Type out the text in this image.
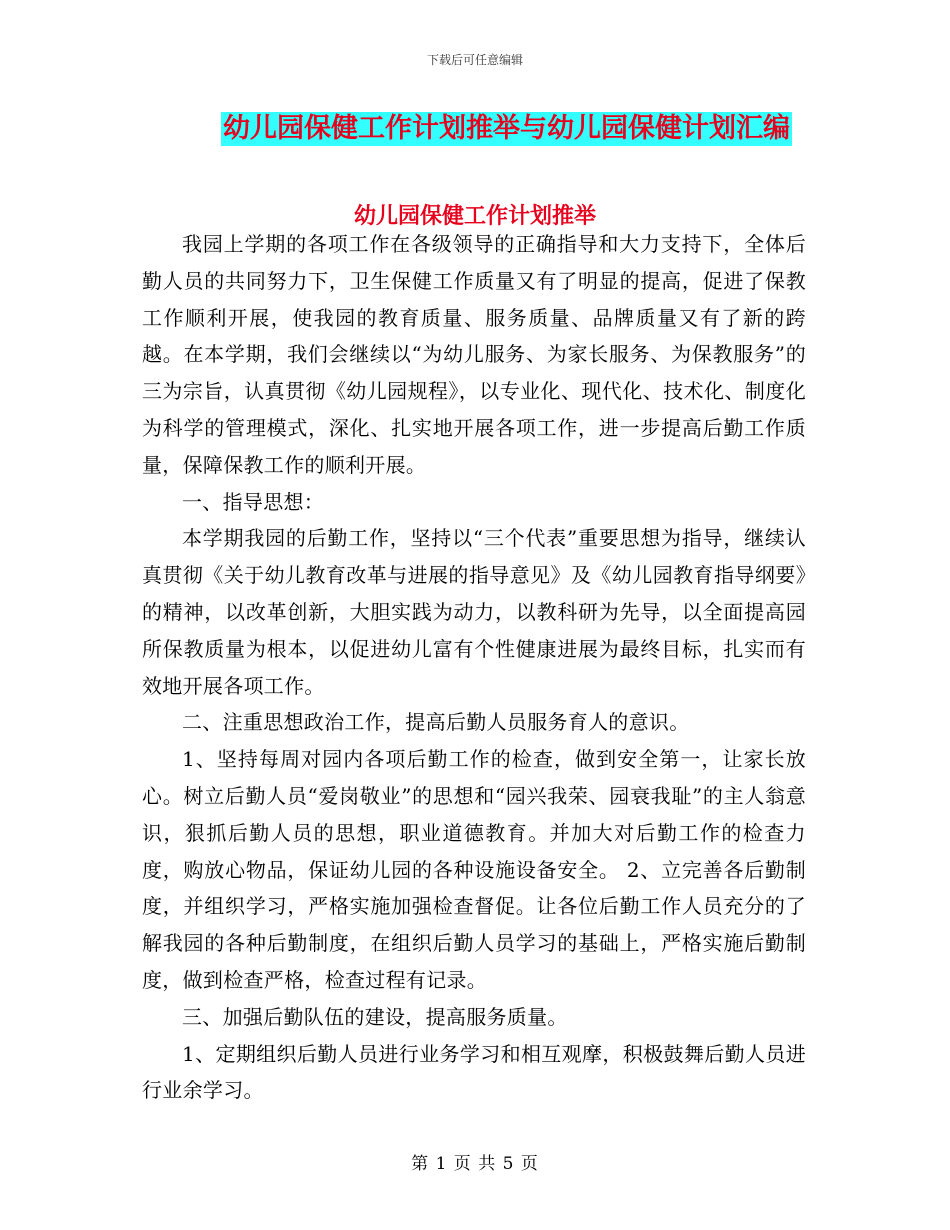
下载后可任意编辑
幼儿园保健工作计划推举与幼儿园保健计划汇编
幼儿园保健工作计划推举

我园上学期的各项工作在各级领导的正确指导和大力支持下，全体后勤人员的共同努力下，卫生保健工作质量又有了明显的提高，促进了保教工作顺利开展，使我园的教育质量、服务质量、品牌质量又有了新的跨越。在本学期，我们会继续以“为幼儿服务、为家长服务、为保教服务”的三为宗旨，认真贯彻《幼儿园规程》，以专业化、现代化、技术化、制度化为科学的管理模式，深化、扎实地开展各项工作，进一步提高后勤工作质量，保障保教工作的顺利开展。

一、指导思想：

本学期我园的后勤工作，坚持以“三个代表”重要思想为指导，继续认真贯彻《关于幼儿教育改革与进展的指导意见》及《幼儿园教育指导纲要》的精神，以改革创新，大胆实践为动力，以教科研为先导，以全面提高园所保教质量为根本，以促进幼儿富有个性健康进展为最终目标，扎实而有效地开展各项工作。

二、注重思想政治工作，提高后勤人员服务育人的意识。

1、坚持每周对园内各项后勤工作的检查，做到安全第一，让家长放心。树立后勤人员“爱岗敬业”的思想和“园兴我荣、园衰我耻”的主人翁意识，狠抓后勤人员的思想，职业道德教育。并加大对后勤工作的检查力度，购放心物品，保证幼儿园的各种设施设备安全。 2、立完善各后勤制度，并组织学习，严格实施加强检查督促。让各位后勤工作人员充分的了解我园的各种后勤制度，在组织后勤人员学习的基础上，严格实施后勤制度，做到检查严格，检查过程有记录。

三、加强后勤队伍的建设，提高服务质量。

1、定期组织后勤人员进行业务学习和相互观摩，积极鼓舞后勤人员进行业余学习。

第 1 页 共 5 页
